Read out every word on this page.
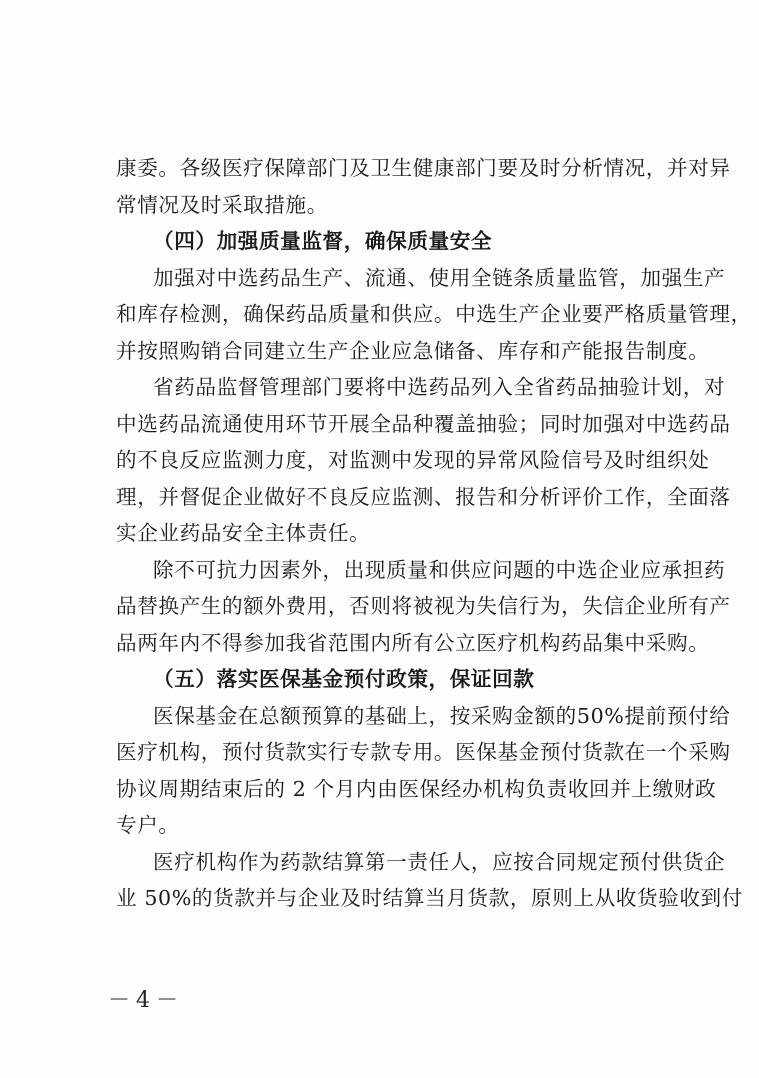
康委。各级医疗保障部门及卫生健康部门要及时分析情况，并对异
常情况及时采取措施。

（四）加强质量监督，确保质量安全

加强对中选药品生产、流通、使用全链条质量监管，加强生产
和库存检测，确保药品质量和供应。中选生产企业要严格质量管理，
并按照购销合同建立生产企业应急储备、库存和产能报告制度。

省药品监督管理部门要将中选药品列入全省药品抽验计划，对
中选药品流通使用环节开展全品种覆盖抽验；同时加强对中选药品
的不良反应监测力度，对监测中发现的异常风险信号及时组织处
理，并督促企业做好不良反应监测、报告和分析评价工作，全面落
实企业药品安全主体责任。

除不可抗力因素外，出现质量和供应问题的中选企业应承担药
品替换产生的额外费用，否则将被视为失信行为，失信企业所有产
品两年内不得参加我省范围内所有公立医疗机构药品集中采购。

（五）落实医保基金预付政策，保证回款

医保基金在总额预算的基础上，按采购金额的50%提前预付给
医疗机构，预付货款实行专款专用。医保基金预付货款在一个采购
协议周期结束后的 2 个月内由医保经办机构负责收回并上缴财政
专户。

医疗机构作为药款结算第一责任人，应按合同规定预付供货企
业 50%的货款并与企业及时结算当月货款，原则上从收货验收到付

－4－
